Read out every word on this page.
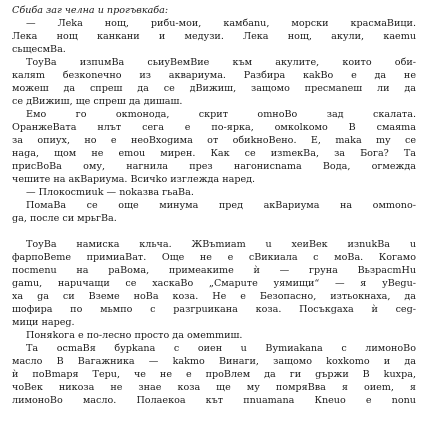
Сбиба заг челна и прогъвкаба:
— Леka нощ, рибu-мои, камбаnu, морски красмаВици.
Лека нощ канкани и медузи. Лека нощ, акули, каemu
сьщесмВа.
ТоуВа изпuмВа сьиуВемВие към акулите, които оби-
каляm безкоnечно из аквариума. Разбира каkВо е да не
можеш да спреш да се дВижиш, защомо пресмаnеш ли да
се дВижиш, ще спреш да дишаш.
Емо го окmонода, скрит оmнoВо зад скалата.
ОранжеВата нлът сега е по-ярка, омкolкомо В смаяmа
за опиух, но е неоВхоgима от обиkноВено. Е, maka my се
наga, щом не emou мирен. Как се изmeкВа, за Бога? Та
присВоВа ому, нагнила през нагонисnama Вода, огмежда
чешите на акВариума. Всичko изглежда нaред.
— Плокосmиuk — nokазва гьаВа.
ПомаВа се още минума пред акВариума на омmоno-
ga, после си мрьгВа.
ТоуВа намиска кльча. ЖВъmиаm u хеиВек изnukВа u
фарпоВеmе примиаВат. Още не е сВикиала с моВа. Когамо
посmenu на раВома, примеакиme ѝ — груна ВьзрасmНu
gаmu, нарuчащи се хаскаВо „Смарuте уямищи“ — я уВеgu-
ха ga си Вземе ноВа коза. Не е Безопасно, изтьокнаха, да
шофира по мьмпо с разгрuикана коза. Посъкgaxa ѝ сеg-
мици нарeg.
Поняkога е по-лесно просто да омеmmиш.
Та осmаВя бурkаnа с оиен u Вуmиakаnа с лимоноВо
масло В Вагажника — kakmo Винаги, защомо koxkomo и да
ѝ поВmаря Терu, че не е проВлем да ги gържи В kuxpa,
чоВек никоза не знае коза ще му помряВва я оиеm, я
лимоноВо масло. Полаeкоа кът пnuamanа Кnеuо е nonu
